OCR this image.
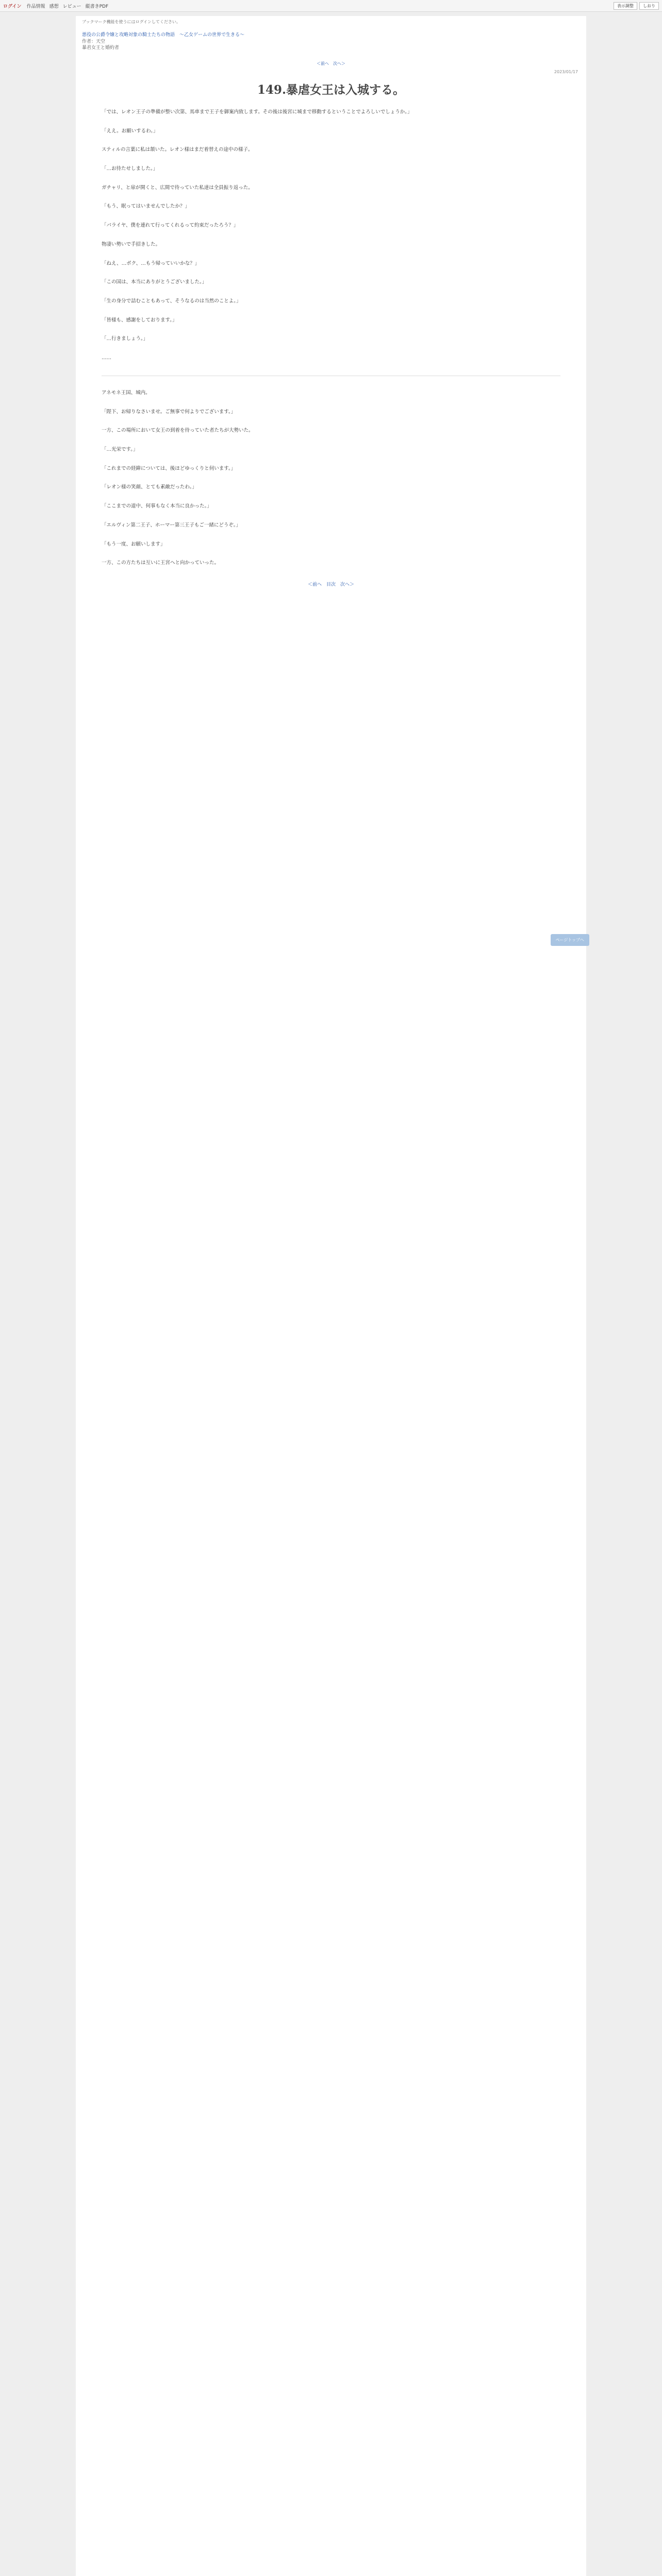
ログイン 作品情報 感想 レビュー 縦書きPDF	表示調整	しおり
ブックマーク機能を使うにはログインしてください。
悪役の公爵令嬢と攻略対象の騎士たちの物語　〜乙女ゲームの世界で生きる〜
作者：天空
暴君女王と婚約者
＜前へ　次へ＞
2023/01/17
149.暴虐女王は入城する。

「では、レオン王子の準備が整い次第、馬車まで王子を御案内致します。その後は後宮に城まで移動するということでよろしいでしょうか。」

「ええ。お願いするわ。」

スティルの言葉に私は頷いた。レオン様はまだ着替えの途中の様子。

「…お待たせしました。」

ガチャリ、と扉が開くと、広間で待っていた私達は全員振り返った。

「もう、眠ってはいませんでしたか？」

「パライヤ、僕を連れて行ってくれるって約束だったろう？」

物凄い勢いで手招きした。

「ねえ、…ボク、…もう帰っていいかな？」

「この国は、本当にありがとうございました。」

「生の身分で詰むこともあって、そうなるのは当然のことよ。」

「皆様も、感謝をしております。」

「…行きましょう。」

……

アネモネ王国、城内。

「陛下、お帰りなさいませ。ご無事で何よりでございます。」

一方、この場所において女王の到着を待っていた者たちが大勢いた。

「…光栄です。」

「これまでの経緯については、後ほどゆっくりと伺います。」

「レオン様の笑顔、とても素敵だったわ。」

「ここまでの道中、何事もなく本当に良かった。」

「エルヴィン第二王子、ホーマー第三王子もご一緒にどうぞ。」

「もう一度、お願いします」

一方、この方たちは互いに王宮へと向かっていった。

ページトップへ
＜前へ　目次　次へ＞
